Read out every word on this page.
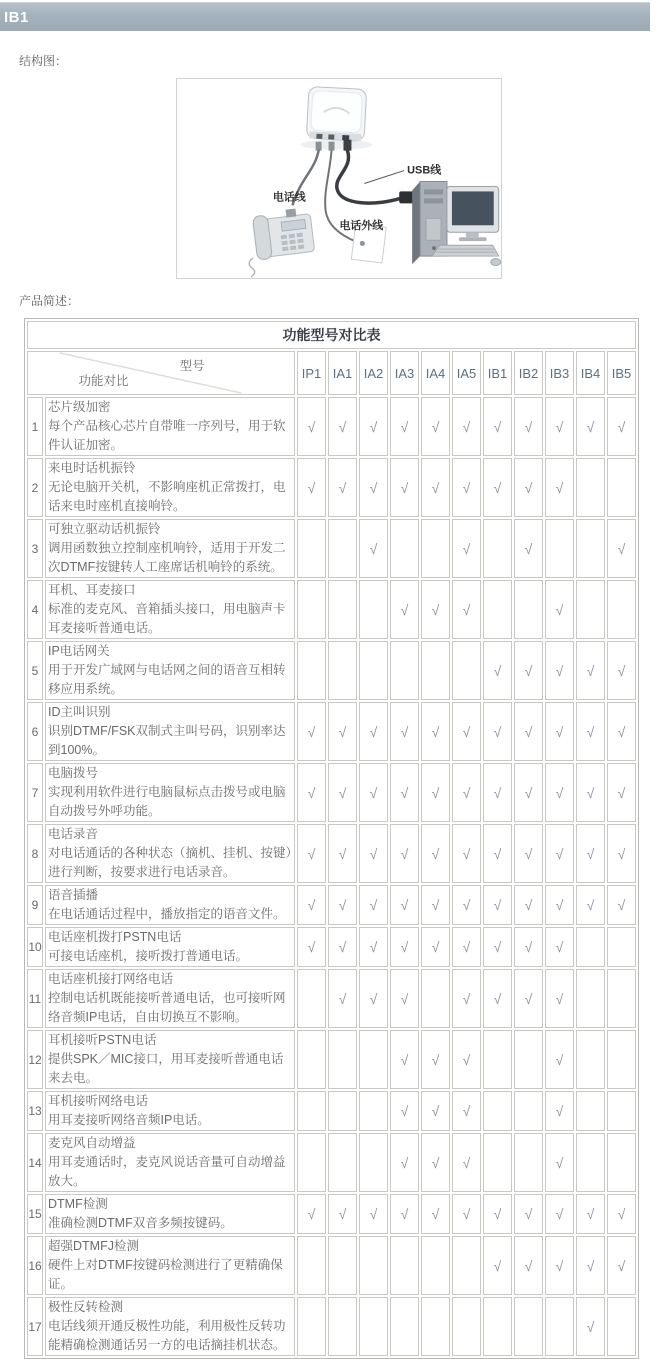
IB1
结构图：
电话线
电话外线
USB线
产品简述：
功能型号对比表												

型号
功能对比		IP1	IA1	IA2	IA3	IA4	IA5	IB1	IB2	IB3	IB4	IB5
1	芯片级加密
每个产品核心芯片自带唯一序列号，用于软件认证加密。	√	√	√	√	√	√	√	√	√	√	√
2	来电时话机振铃
无论电脑开关机，不影响座机正常拨打，电话来电时座机直接响铃。	√	√	√	√	√	√	√	√	√		
3	可独立驱动话机振铃
调用函数独立控制座机响铃，适用于开发二次DTMF按键转人工座席话机响铃的系统。			√			√		√			√
4	耳机、耳麦接口
标准的麦克风、音箱插头接口，用电脑声卡耳麦接听普通电话。				√	√	√			√		
5	IP电话网关
用于开发广域网与电话网之间的语音互相转移应用系统。							√	√	√	√	√
6	ID主叫识别
识别DTMF/FSK双制式主叫号码，识别率达到100%。	√	√	√	√	√	√	√	√	√	√	√
7	电脑拨号
实现利用软件进行电脑鼠标点击拨号或电脑自动拨号外呼功能。	√	√	√	√	√	√	√	√	√	√	√
8	电话录音
对电话通话的各种状态（摘机、挂机、按键）进行判断，按要求进行电话录音。	√	√	√	√	√	√	√	√	√	√	√
9	语音插播
在电话通话过程中，播放指定的语音文件。	√	√	√	√	√	√	√	√	√	√	√
10	电话座机拨打PSTN电话
可接电话座机，接听拨打普通电话。	√	√	√	√	√	√	√	√	√		
11	电话座机接打网络电话
控制电话机既能接听普通电话，也可接听网络音频IP电话，自由切换互不影响。		√	√	√		√	√	√	√		
12	耳机接听PSTN电话
提供SPK／MIC接口，用耳麦接听普通电话来去电。				√	√	√			√		
13	耳机接听网络电话
用耳麦接听网络音频IP电话。				√	√	√			√		
14	麦克风自动增益
用耳麦通话时，麦克风说话音量可自动增益放大。				√	√	√			√		
15	DTMF检测
准确检测DTMF双音多频按键码。	√	√	√	√	√	√	√	√	√	√	√
16	超强DTMFJ检测
硬件上对DTMF按键码检测进行了更精确保证。							√	√	√	√	√
17	极性反转检测
电话线须开通反极性功能，利用极性反转功能精确检测通话另一方的电话摘挂机状态。										√	
